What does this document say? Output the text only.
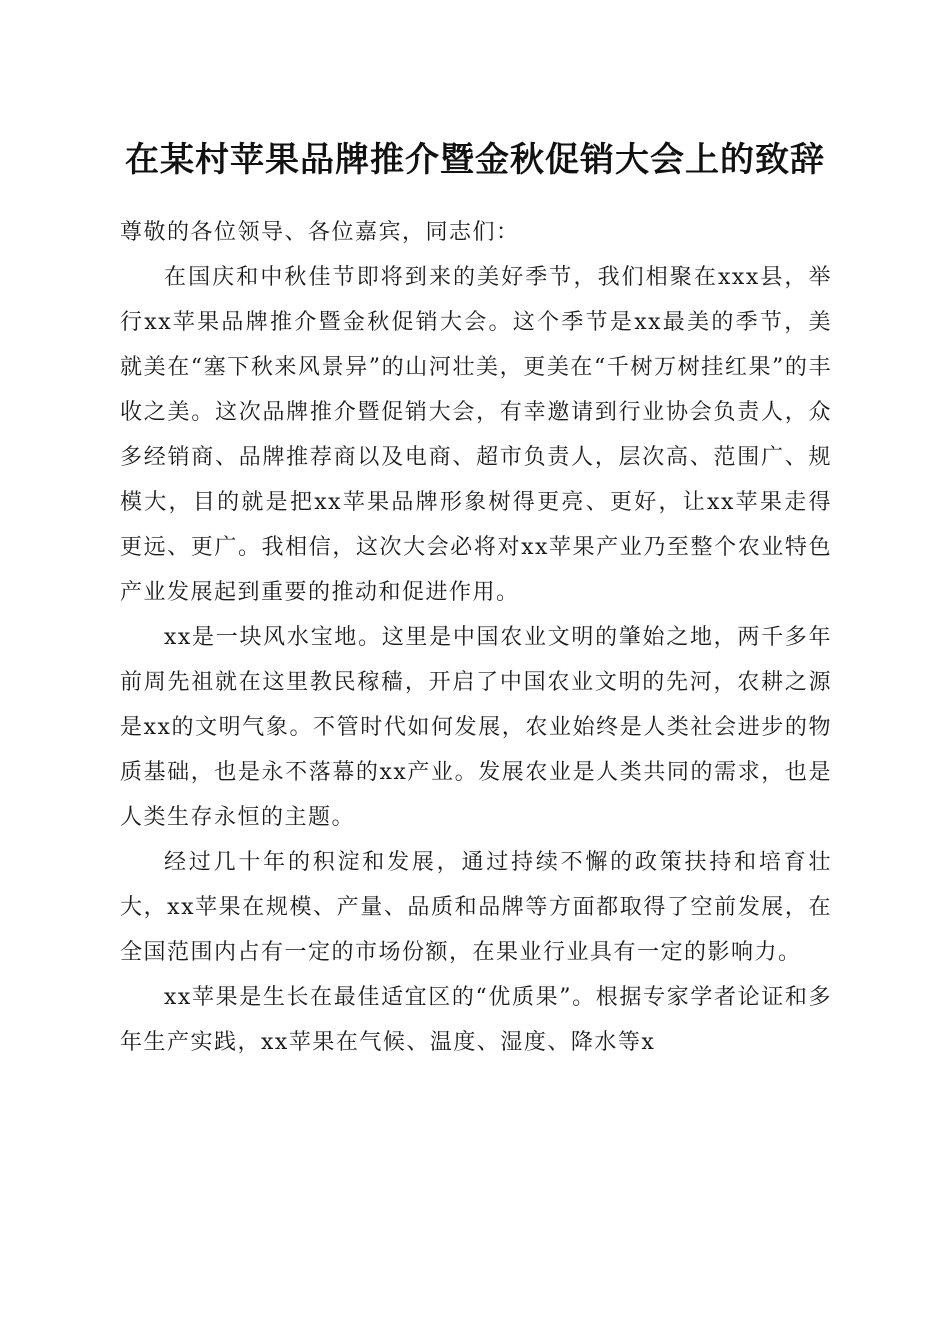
在某村苹果品牌推介暨金秋促销大会上的致辞

尊敬的各位领导、各位嘉宾，同志们：

在国庆和中秋佳节即将到来的美好季节，我们相聚在xxx县，举行xx苹果品牌推介暨金秋促销大会。这个季节是xx最美的季节，美就美在“塞下秋来风景异”的山河壮美，更美在“千树万树挂红果”的丰收之美。这次品牌推介暨促销大会，有幸邀请到行业协会负责人，众多经销商、品牌推荐商以及电商、超市负责人，层次高、范围广、规模大，目的就是把xx苹果品牌形象树得更亮、更好，让xx苹果走得更远、更广。我相信，这次大会必将对xx苹果产业乃至整个农业特色产业发展起到重要的推动和促进作用。

xx是一块风水宝地。这里是中国农业文明的肇始之地，两千多年前周先祖就在这里教民稼穑，开启了中国农业文明的先河，农耕之源是xx的文明气象。不管时代如何发展，农业始终是人类社会进步的物质基础，也是永不落幕的xx产业。发展农业是人类共同的需求，也是人类生存永恒的主题。

经过几十年的积淀和发展，通过持续不懈的政策扶持和培育壮大，xx苹果在规模、产量、品质和品牌等方面都取得了空前发展，在全国范围内占有一定的市场份额，在果业行业具有一定的影响力。

xx苹果是生长在最佳适宜区的“优质果”。根据专家学者论证和多年生产实践，xx苹果在气候、温度、湿度、降水等x
